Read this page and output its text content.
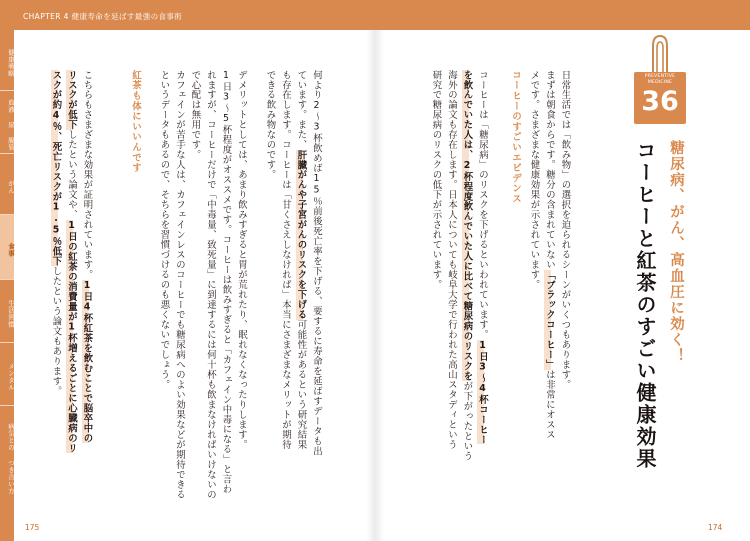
CHAPTER 4 健康寿命を延ばす最強の食事術
健康戦略
血液 尿 腸管
がん
食事
生活習慣
メンタル
病気との つき合い方
PREVENTIVE
MEDICINE
36
糖尿病、がん、高血圧に効く！
コーヒーと紅茶のすごい健康効果
日常生活では「飲み物」の選択を迫られるシーンがいくつもあります。
まずは朝食からです。糖分の含まれていない「ブラックコーヒー」は非常にオスス
メです。さまざまな健康効果が示されています。
コーヒーのすごいエビデンス
コーヒーは「糖尿病」のリスクを下げるといわれています。1日3〜4杯コーヒー
を飲んでいた人は、2杯程度飲んでいた人に比べて糖尿病のリスクをが下がったという
海外の論文も存在します。日本人についても岐阜大学で行われた高山スタディという
研究で糖尿病のリスクの低下が示されています。
何より2〜3杯飲めば15％前後死亡率を下げる、要するに寿命を延ばすデータも出
ています。また、肝臓がんや子宮がんのリスクを下げる可能性があるという研究結果
も存在します。コーヒーは「甘くさえしなければ」本当にさまざまなメリットが期待
できる飲み物なのです。
デメリットとしては、あまり飲みすぎると胃が荒れたり、眠れなくなったりします。
1日3〜5杯程度がオススメです。コーヒーは飲みすぎると「カフェイン中毒になる」と言われますが、コーヒーだけで「中毒量、致死量」に到達するには何十杯も飲まなければいけないので心配は無用です。
カフェインが苦手な人は、カフェインレスのコーヒーでも糖尿病へのよい効果などが期待できるというデータもあるので、そちらを習慣づけるのも悪くないでしょう。
紅茶も体にいいんです
こちらもさまざまな効果が証明されています。1日4杯紅茶を飲むことで脳卒中の
リスクが低下したという論文や、1日の紅茶の消費量が1杯増えるごとに心臓病のリ
スクが約4％、死亡リスクが1.5％低下したという論文もあります。
175	174
